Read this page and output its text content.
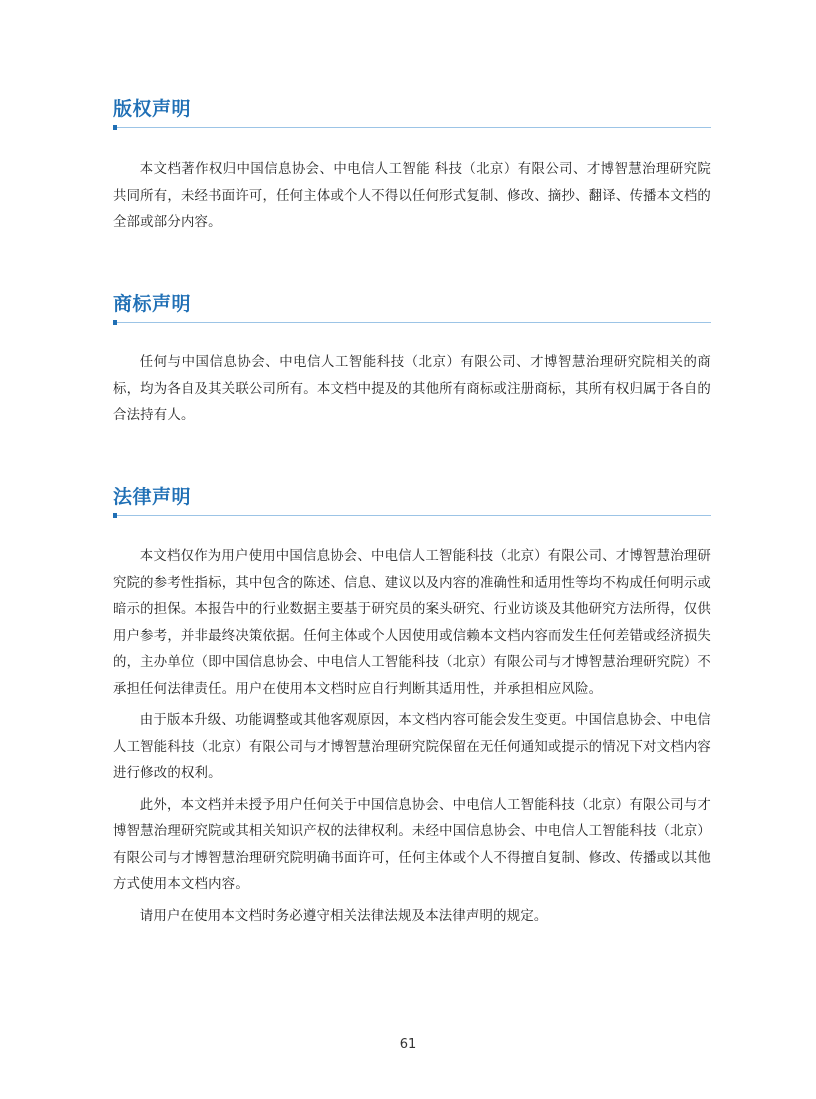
版权声明

本文档著作权归中国信息协会、中电信人工智能 科技（北京）有限公司、才博智慧治理研究院共同所有，未经书面许可，任何主体或个人不得以任何形式复制、修改、摘抄、翻译、传播本文档的全部或部分内容。

商标声明

任何与中国信息协会、中电信人工智能科技（北京）有限公司、才博智慧治理研究院相关的商标，均为各自及其关联公司所有。本文档中提及的其他所有商标或注册商标，其所有权归属于各自的合法持有人。

法律声明

本文档仅作为用户使用中国信息协会、中电信人工智能科技（北京）有限公司、才博智慧治理研究院的参考性指标，其中包含的陈述、信息、建议以及内容的准确性和适用性等均不构成任何明示或暗示的担保。本报告中的行业数据主要基于研究员的案头研究、行业访谈及其他研究方法所得，仅供用户参考，并非最终决策依据。任何主体或个人因使用或信赖本文档内容而发生任何差错或经济损失的，主办单位（即中国信息协会、中电信人工智能科技（北京）有限公司与才博智慧治理研究院）不承担任何法律责任。用户在使用本文档时应自行判断其适用性，并承担相应风险。

由于版本升级、功能调整或其他客观原因，本文档内容可能会发生变更。中国信息协会、中电信人工智能科技（北京）有限公司与才博智慧治理研究院保留在无任何通知或提示的情况下对文档内容进行修改的权利。

此外，本文档并未授予用户任何关于中国信息协会、中电信人工智能科技（北京）有限公司与才博智慧治理研究院或其相关知识产权的法律权利。未经中国信息协会、中电信人工智能科技（北京）有限公司与才博智慧治理研究院明确书面许可，任何主体或个人不得擅自复制、修改、传播或以其他方式使用本文档内容。

请用户在使用本文档时务必遵守相关法律法规及本法律声明的规定。

61
